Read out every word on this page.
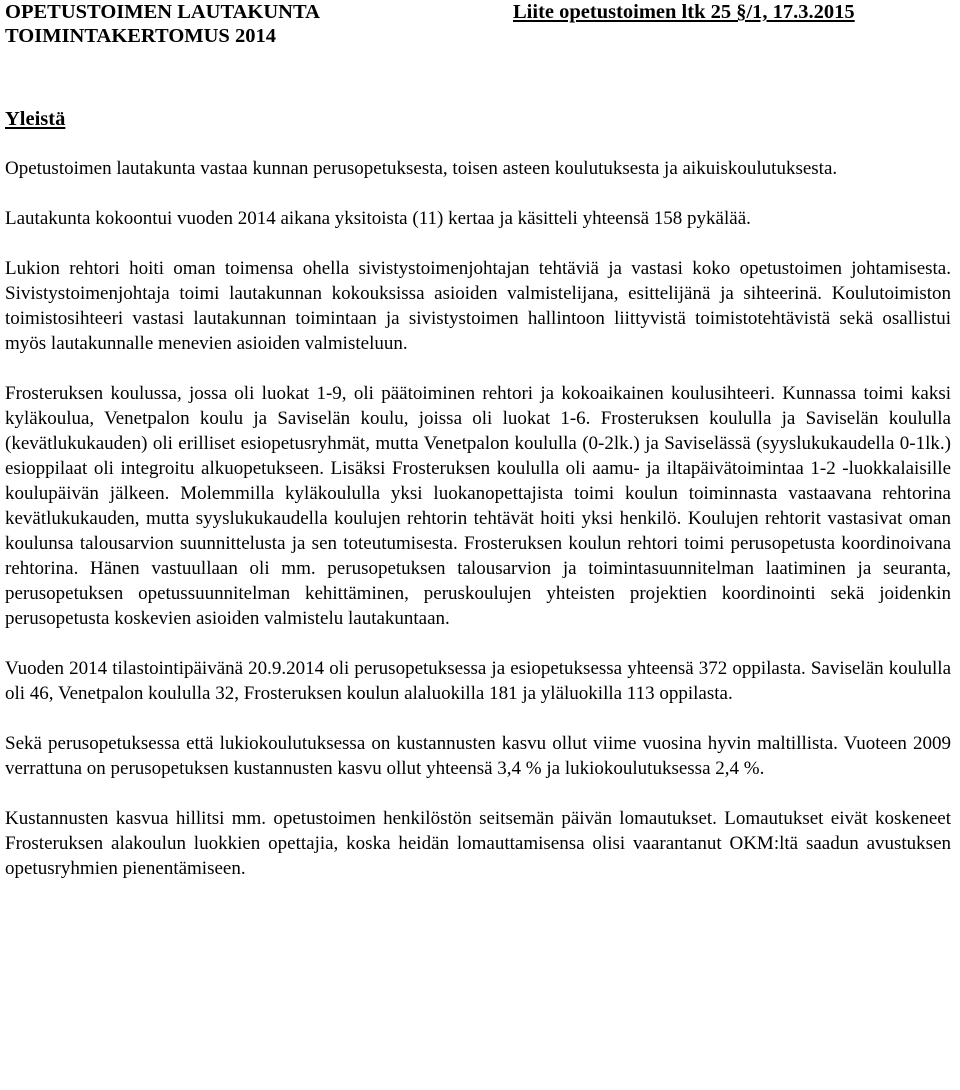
OPETUSTOIMEN LAUTAKUNTA
TOIMINTAKERTOMUS 2014
Liite opetustoimen ltk 25 §/1, 17.3.2015
Yleistä

Opetustoimen lautakunta vastaa kunnan perusopetuksesta, toisen asteen koulutuksesta ja aikuiskoulutuksesta.

Lautakunta kokoontui vuoden 2014 aikana yksitoista (11) kertaa ja käsitteli yhteensä 158 pykälää.

Lukion rehtori hoiti oman toimensa ohella sivistystoimenjohtajan tehtäviä ja vastasi koko opetustoimen johtamisesta. Sivistystoimenjohtaja toimi lautakunnan kokouksissa asioiden valmistelijana, esittelijänä ja sihteerinä. Koulutoimiston toimistosihteeri vastasi lautakunnan toimintaan ja sivistystoimen hallintoon liittyvistä toimistotehtävistä sekä osallistui myös lautakunnalle menevien asioiden valmisteluun.

Frosteruksen koulussa, jossa oli luokat 1-9, oli päätoiminen rehtori ja kokoaikainen koulusihteeri. Kunnassa toimi kaksi kyläkoulua, Venetpalon koulu ja Saviselän koulu, joissa oli luokat 1-6. Frosteruksen koululla ja Saviselän koululla (kevätlukukauden) oli erilliset esiopetusryhmät, mutta Venetpalon koululla (0-2lk.) ja Saviselässä (syyslukukaudella 0-1lk.) esioppilaat oli integroitu alkuopetukseen. Lisäksi Frosteruksen koululla oli aamu- ja iltapäivätoimintaa 1-2 -luokkalaisille koulupäivän jälkeen. Molemmilla kyläkoululla yksi luokanopettajista toimi koulun toiminnasta vastaavana rehtorina kevätlukukauden, mutta syyslukukaudella koulujen rehtorin tehtävät hoiti yksi henkilö. Koulujen rehtorit vastasivat oman koulunsa talousarvion suunnittelusta ja sen toteutumisesta. Frosteruksen koulun rehtori toimi perusopetusta koordinoivana rehtorina. Hänen vastuullaan oli mm. perusopetuksen talousarvion ja toimintasuunnitelman laatiminen ja seuranta, perusopetuksen opetussuunnitelman kehittäminen, peruskoulujen yhteisten projektien koordinointi sekä joidenkin perusopetusta koskevien asioiden valmistelu lautakuntaan.

Vuoden 2014 tilastointipäivänä 20.9.2014 oli perusopetuksessa ja esiopetuksessa yhteensä 372 oppilasta. Saviselän koululla oli 46, Venetpalon koululla 32, Frosteruksen koulun alaluokilla 181 ja yläluokilla 113 oppilasta.

Sekä perusopetuksessa että lukiokoulutuksessa on kustannusten kasvu ollut viime vuosina hyvin maltillista. Vuoteen 2009 verrattuna on perusopetuksen kustannusten kasvu ollut yhteensä 3,4 % ja lukiokoulutuksessa 2,4 %.

Kustannusten kasvua hillitsi mm. opetustoimen henkilöstön seitsemän päivän lomautukset. Lomautukset eivät koskeneet Frosteruksen alakoulun luokkien opettajia, koska heidän lomauttamisensa olisi vaarantanut OKM:ltä saadun avustuksen opetusryhmien pienentämiseen.
